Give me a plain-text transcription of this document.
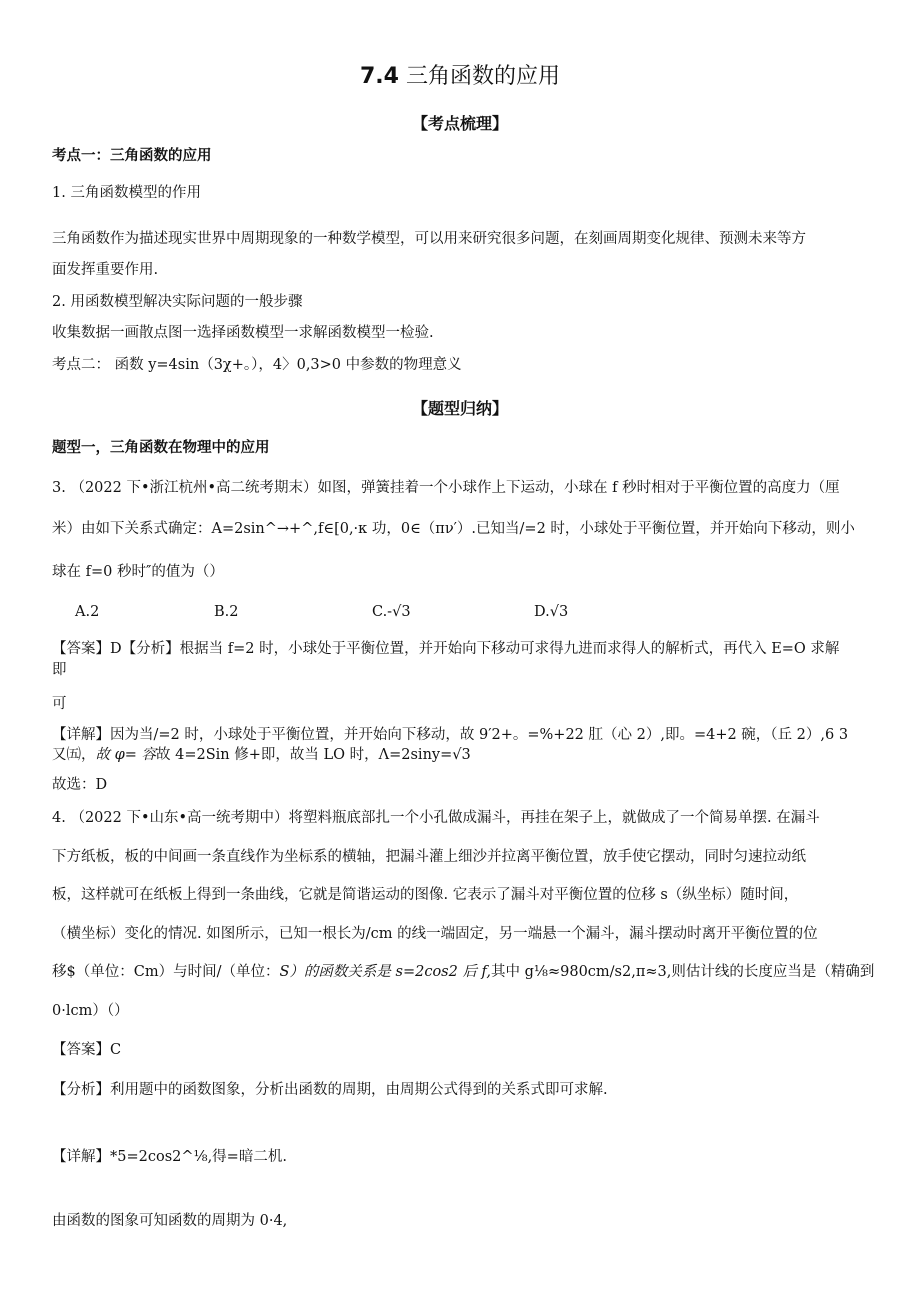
7.4 三角函数的应用
【考点梳理】
考点一：三角函数的应用
1. 三角函数模型的作用
三角函数作为描述现实世界中周期现象的一种数学模型，可以用来研究很多问题，在刻画周期变化规律、预测未来等方
面发挥重要作用.
2. 用函数模型解决实际问题的一般步骤
收集数据一画散点图一选择函数模型一求解函数模型一检验.
考点二： 函数 y=4sin（3χ+。），4〉0,3>0 中参数的物理意义
【题型归纳】
题型一，三角函数在物理中的应用
3. （2022 下•浙江杭州•高二统考期末）如图，弹簧挂着一个小球作上下运动，小球在 f 秒时相对于平衡位置的高度力（厘
米）由如下关系式确定：A=2sin^→+^,f∈[0,·κ 功，0∈（πν′）.已知当/=2 时，小球处于平衡位置，并开始向下移动，则小
球在 f=0 秒时″的值为（）
A.2	B.2	C.-√3	D.√3
【答案】D【分析】根据当 f=2 时，小球处于平衡位置，并开始向下移动可求得九进而求得人的解析式，再代入 E=O 求解
即
可
【详解】因为当/=2 时，小球处于平衡位置，并开始向下移动，故 9′2+。=%+22 肛（心 2）,即。=4+2 碗，（丘 2）,6 3
又㈤，故 φ= 容故 4=2Sin 修+即，故当 LO 时，Λ=2siny=√3
故选：D
4. （2022 下•山东•高一统考期中）将塑料瓶底部扎一个小孔做成漏斗，再挂在架子上，就做成了一个简易单摆. 在漏斗
下方纸板，板的中间画一条直线作为坐标系的横轴，把漏斗灌上细沙并拉离平衡位置，放手使它摆动，同时匀速拉动纸
板，这样就可在纸板上得到一条曲线，它就是简谐运动的图像. 它表示了漏斗对平衡位置的位移 s（纵坐标）随时间，
（横坐标）变化的情况. 如图所示，已知一根长为/cm 的线一端固定，另一端悬一个漏斗，漏斗摆动时离开平衡位置的位
移$（单位：Cm）与时间/（单位：S）的函数关系是 s=2cos2 后 f,其中 g⅛≈980cm∕s2,π≈3,则估计线的长度应当是（精确到
0·lcm）（）
【答案】C
【分析】利用题中的函数图象，分析出函数的周期，由周期公式得到的关系式即可求解.
【详解】*5=2cos2^⅛,得=暗二机.
由函数的图象可知函数的周期为 0·4,
